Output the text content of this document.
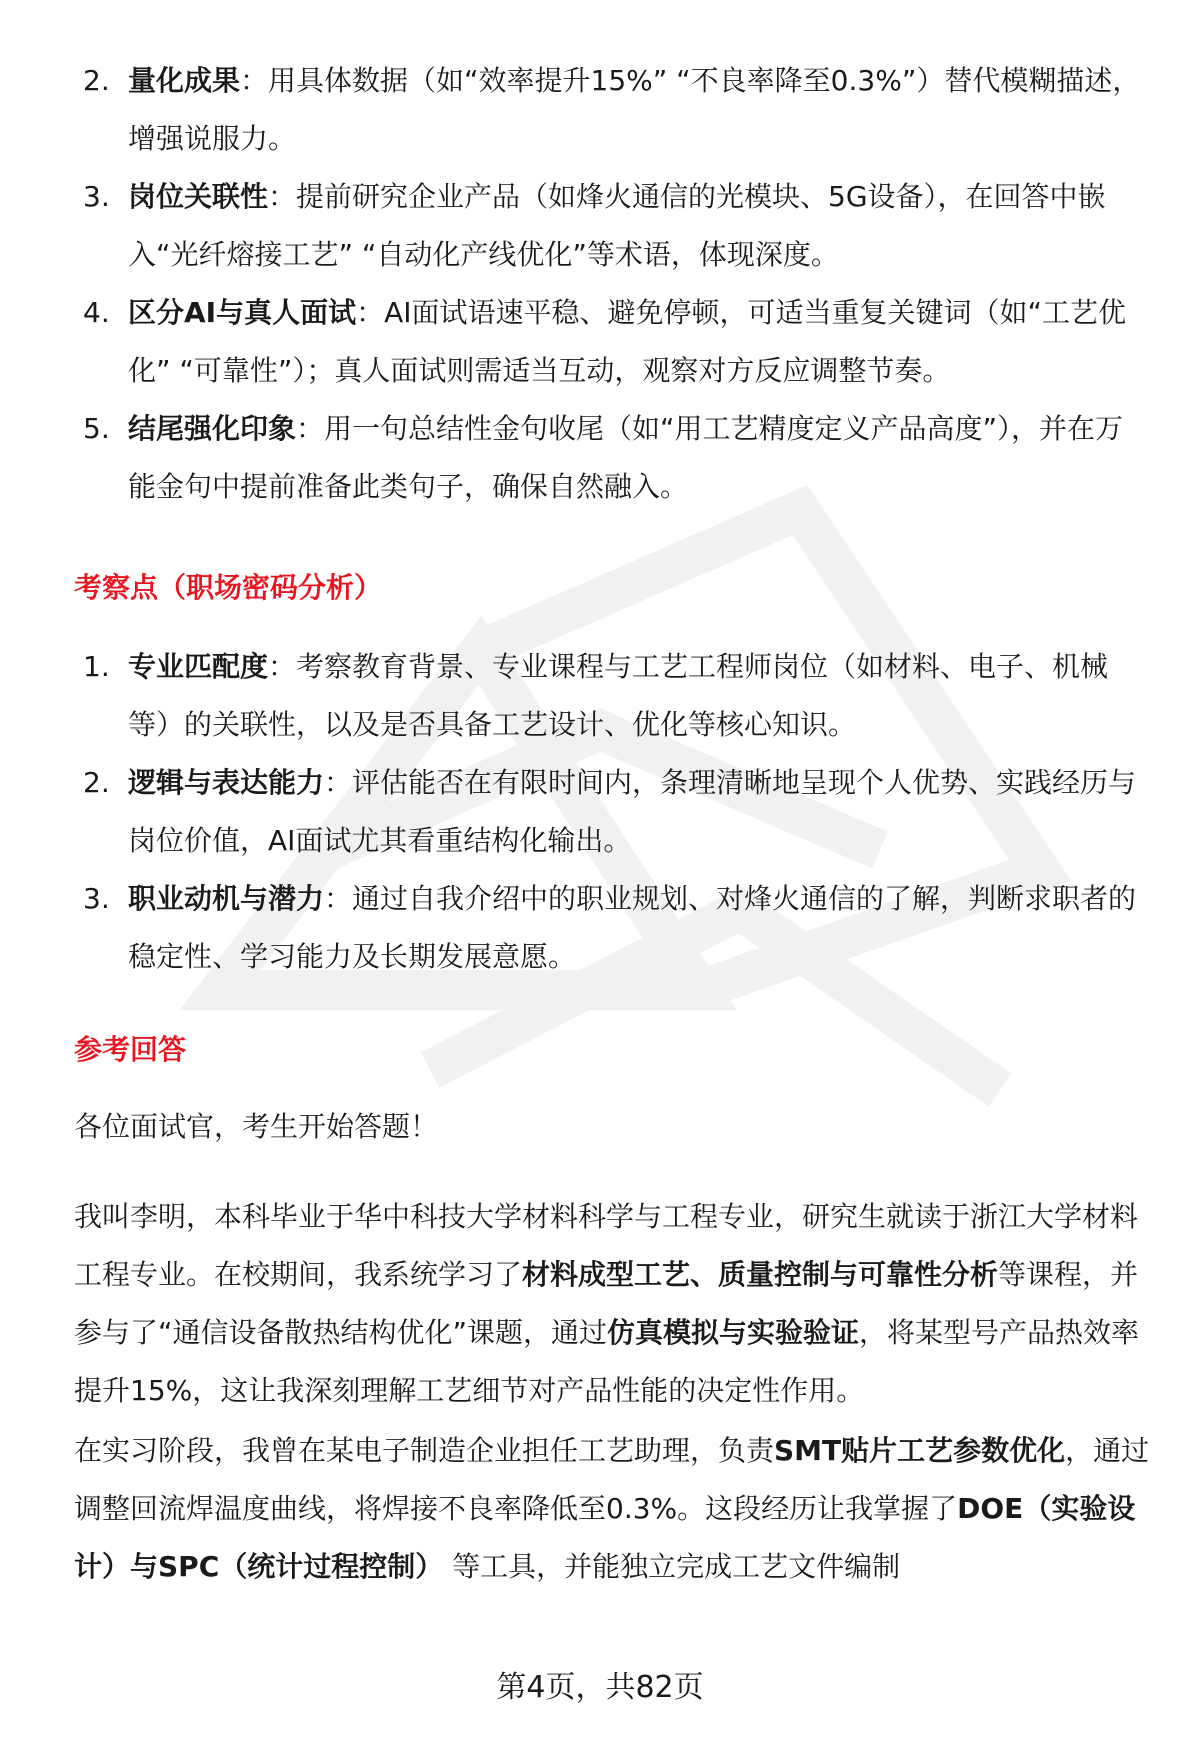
2. 量化成果：用具体数据（如“效率提升15%” “不良率降至0.3%”）替代模糊描述，增强说服力。
3. 岗位关联性：提前研究企业产品（如烽火通信的光模块、5G设备），在回答中嵌入“光纤熔接工艺” “自动化产线优化”等术语，体现深度。
4. 区分AI与真人面试：AI面试语速平稳、避免停顿，可适当重复关键词（如“工艺优化” “可靠性”）；真人面试则需适当互动，观察对方反应调整节奏。
5. 结尾强化印象：用一句总结性金句收尾（如“用工艺精度定义产品高度”），并在万能金句中提前准备此类句子，确保自然融入。
考察点（职场密码分析）
1. 专业匹配度：考察教育背景、专业课程与工艺工程师岗位（如材料、电子、机械等）的关联性，以及是否具备工艺设计、优化等核心知识。
2. 逻辑与表达能力：评估能否在有限时间内，条理清晰地呈现个人优势、实践经历与岗位价值，AI面试尤其看重结构化输出。
3. 职业动机与潜力：通过自我介绍中的职业规划、对烽火通信的了解，判断求职者的稳定性、学习能力及长期发展意愿。
参考回答

各位面试官，考生开始答题！

我叫李明，本科毕业于华中科技大学材料科学与工程专业，研究生就读于浙江大学材料工程专业。在校期间，我系统学习了材料成型工艺、质量控制与可靠性分析等课程，并参与了“通信设备散热结构优化”课题，通过仿真模拟与实验验证，将某型号产品热效率提升15%，这让我深刻理解工艺细节对产品性能的决定性作用。

在实习阶段，我曾在某电子制造企业担任工艺助理，负责SMT贴片工艺参数优化，通过调整回流焊温度曲线，将焊接不良率降低至0.3%。这段经历让我掌握了DOE（实验设计）与SPC（统计过程控制） 等工具，并能独立完成工艺文件编制

第4页，共82页
